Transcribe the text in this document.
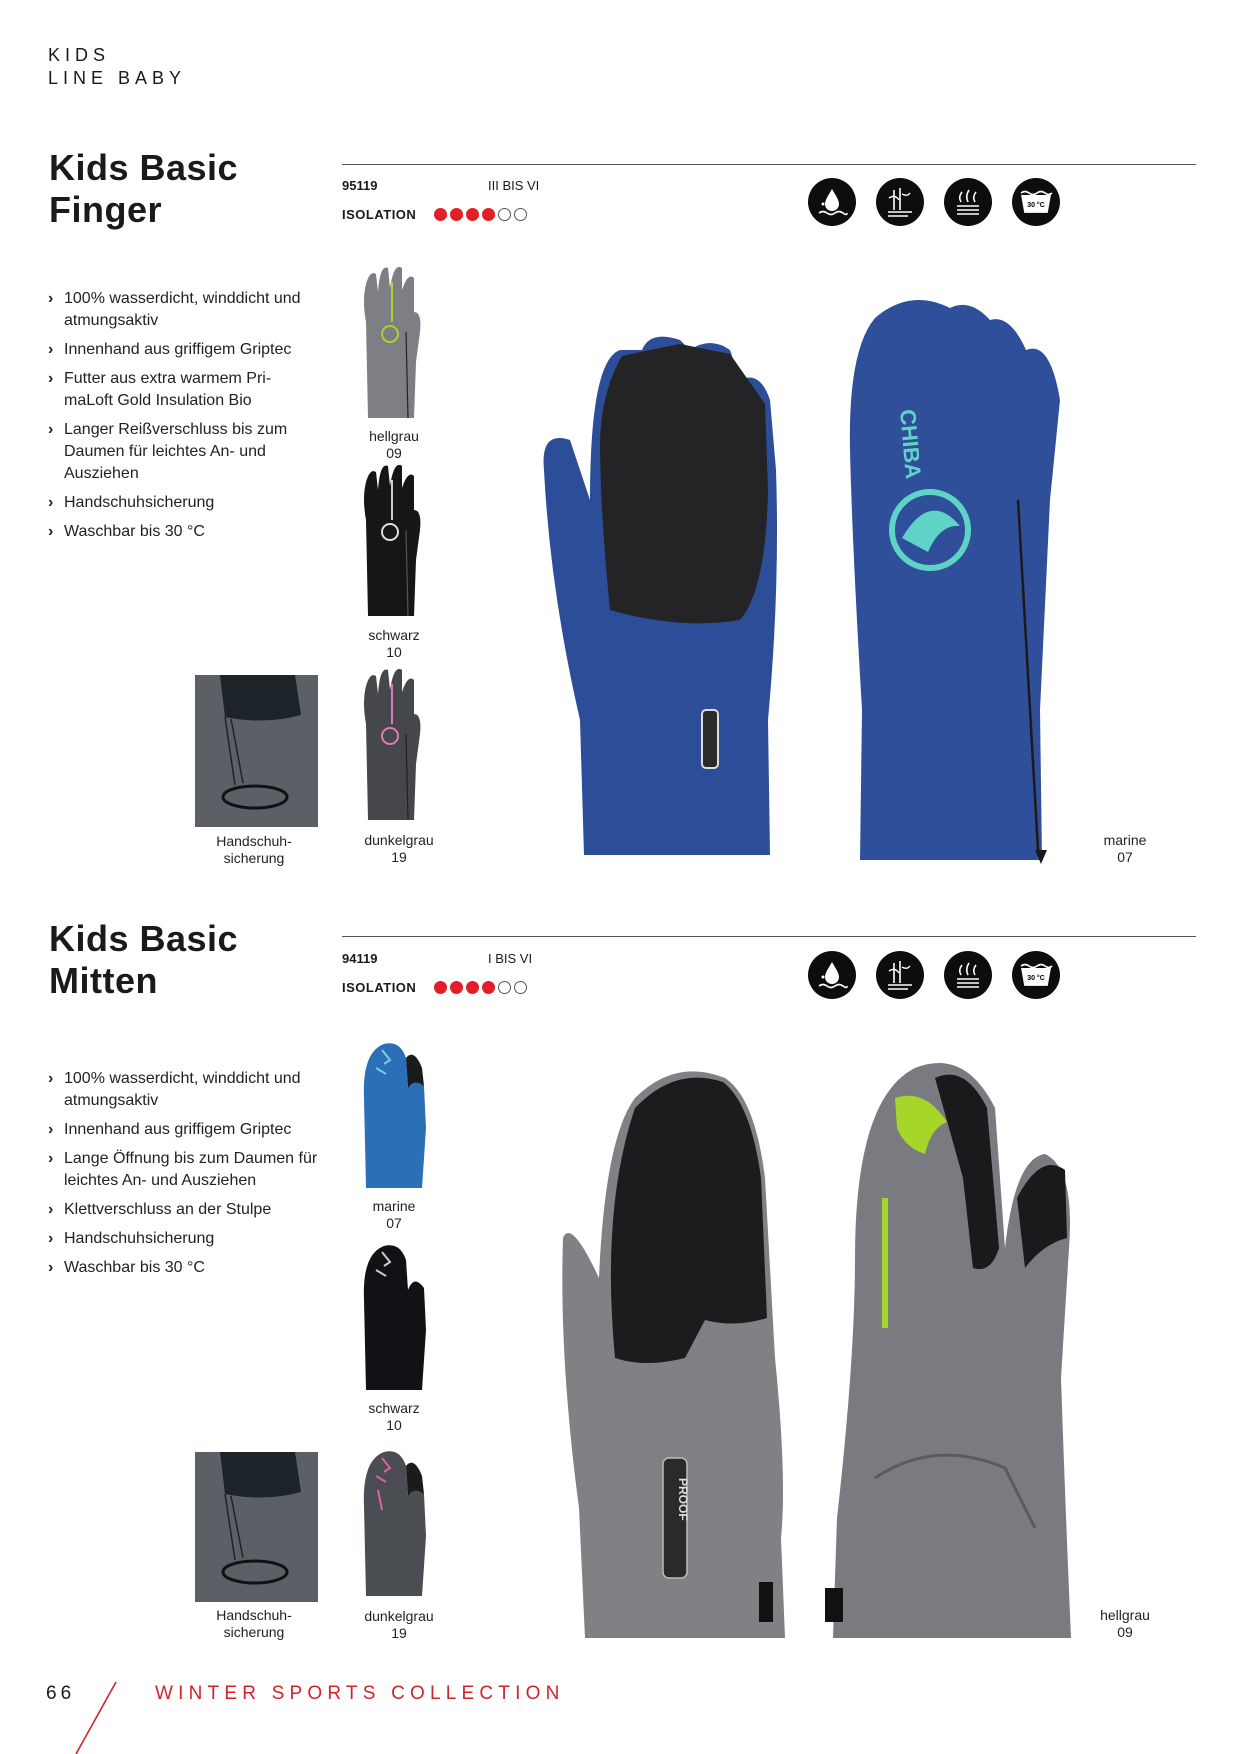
KIDS
LINE BABY
Kids Basic
Finger
95119	III BIS VI
ISOLATION
30 °C
› 100% wasserdicht, winddicht und atmungsaktiv
› Innenhand aus griffigem Griptec
› Futter aus extra warmem Pri-maLoft Gold Insulation Bio
› Langer Reißverschluss bis zum Daumen für leichtes An- und Ausziehen
› Handschuhsicherung
› Waschbar bis 30 °C
hellgrau
09
schwarz
10
dunkelgrau
19
Handschuh-
sicherung
CHIBA
marine
07
Kids Basic
Mitten
94119	I BIS VI
ISOLATION
30 °C
› 100% wasserdicht, winddicht und atmungsaktiv
› Innenhand aus griffigem Griptec
› Lange Öffnung bis zum Daumen für leichtes An- und Ausziehen
› Klettverschluss an der Stulpe
› Handschuhsicherung
› Waschbar bis 30 °C
marine
07
schwarz
10
dunkelgrau
19
Handschuh-
sicherung
PROOF
hellgrau
09
66	WINTER SPORTS COLLECTION
